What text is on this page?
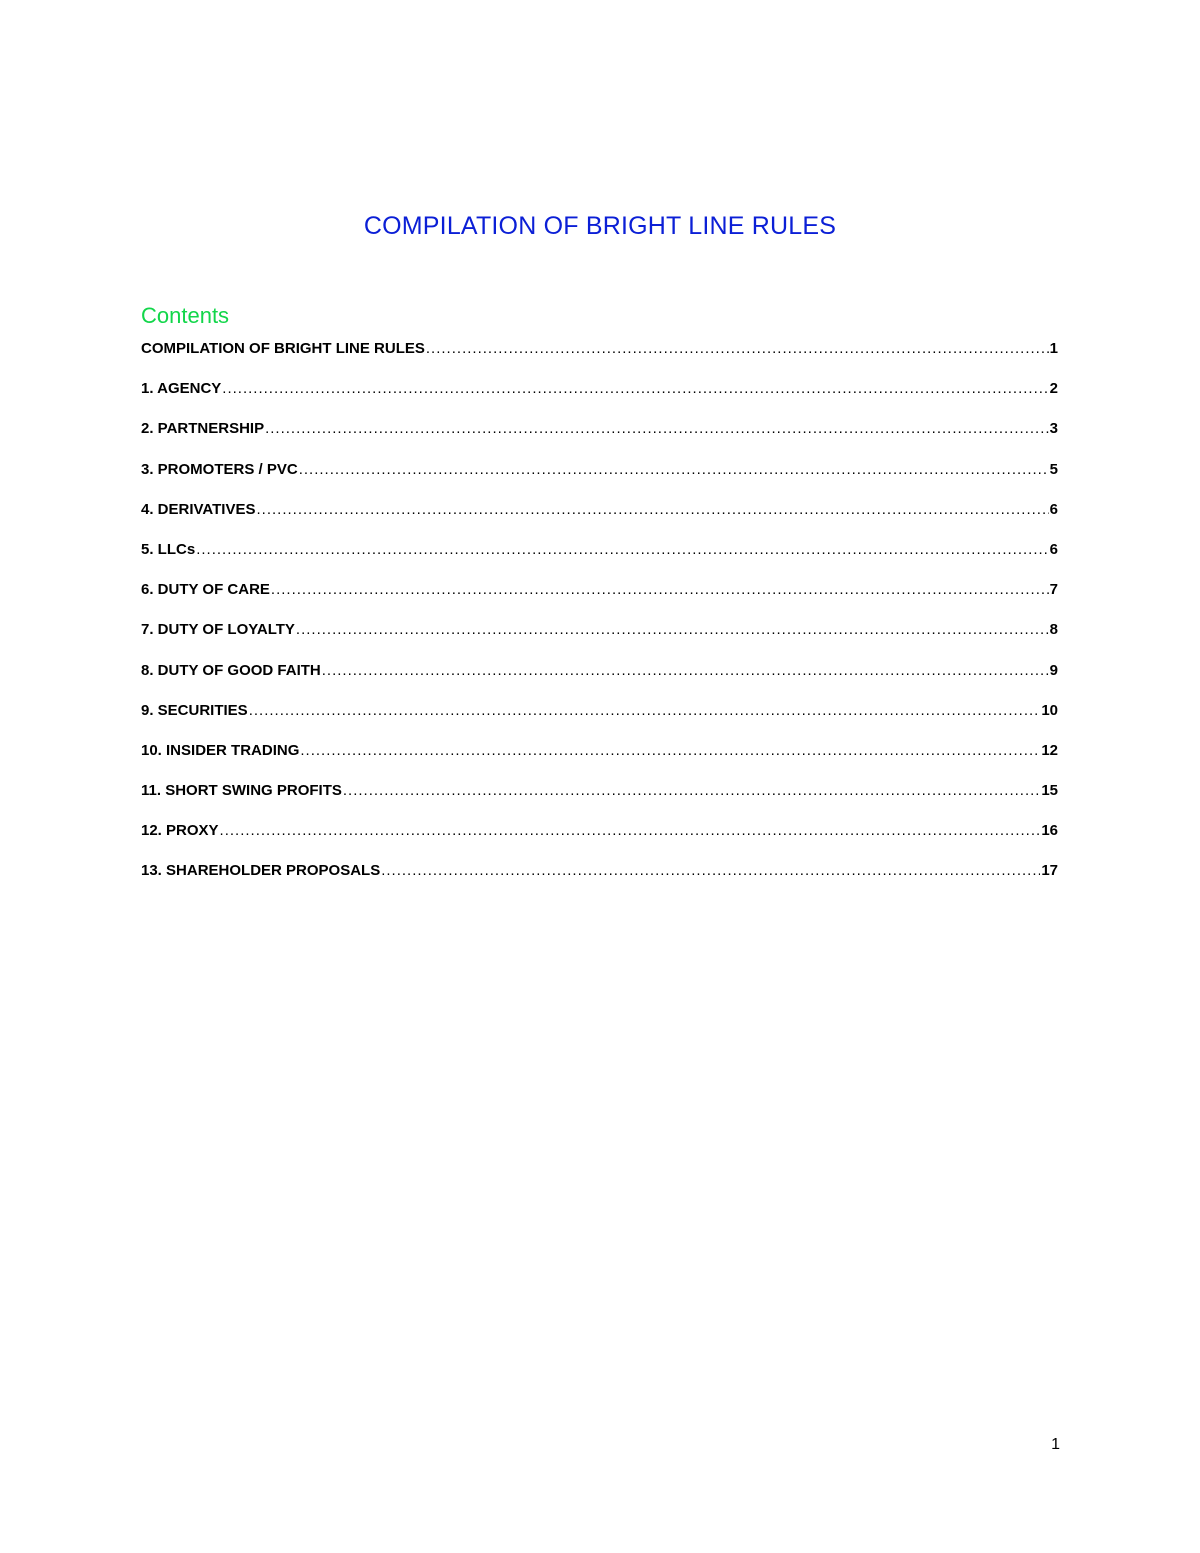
COMPILATION OF BRIGHT LINE RULES
Contents
COMPILATION OF BRIGHT LINE RULES .....	1
1. AGENCY .....	2
2. PARTNERSHIP .....	3
3. PROMOTERS / PVC .....	5
4. DERIVATIVES .....	6
5. LLCs .....	6
6. DUTY OF CARE .....	7
7. DUTY OF LOYALTY .....	8
8. DUTY OF GOOD FAITH .....	9
9. SECURITIES .....	10
10. INSIDER TRADING .....	12
11. SHORT SWING PROFITS .....	15
12. PROXY .....	16
13. SHAREHOLDER PROPOSALS .....	17
1
